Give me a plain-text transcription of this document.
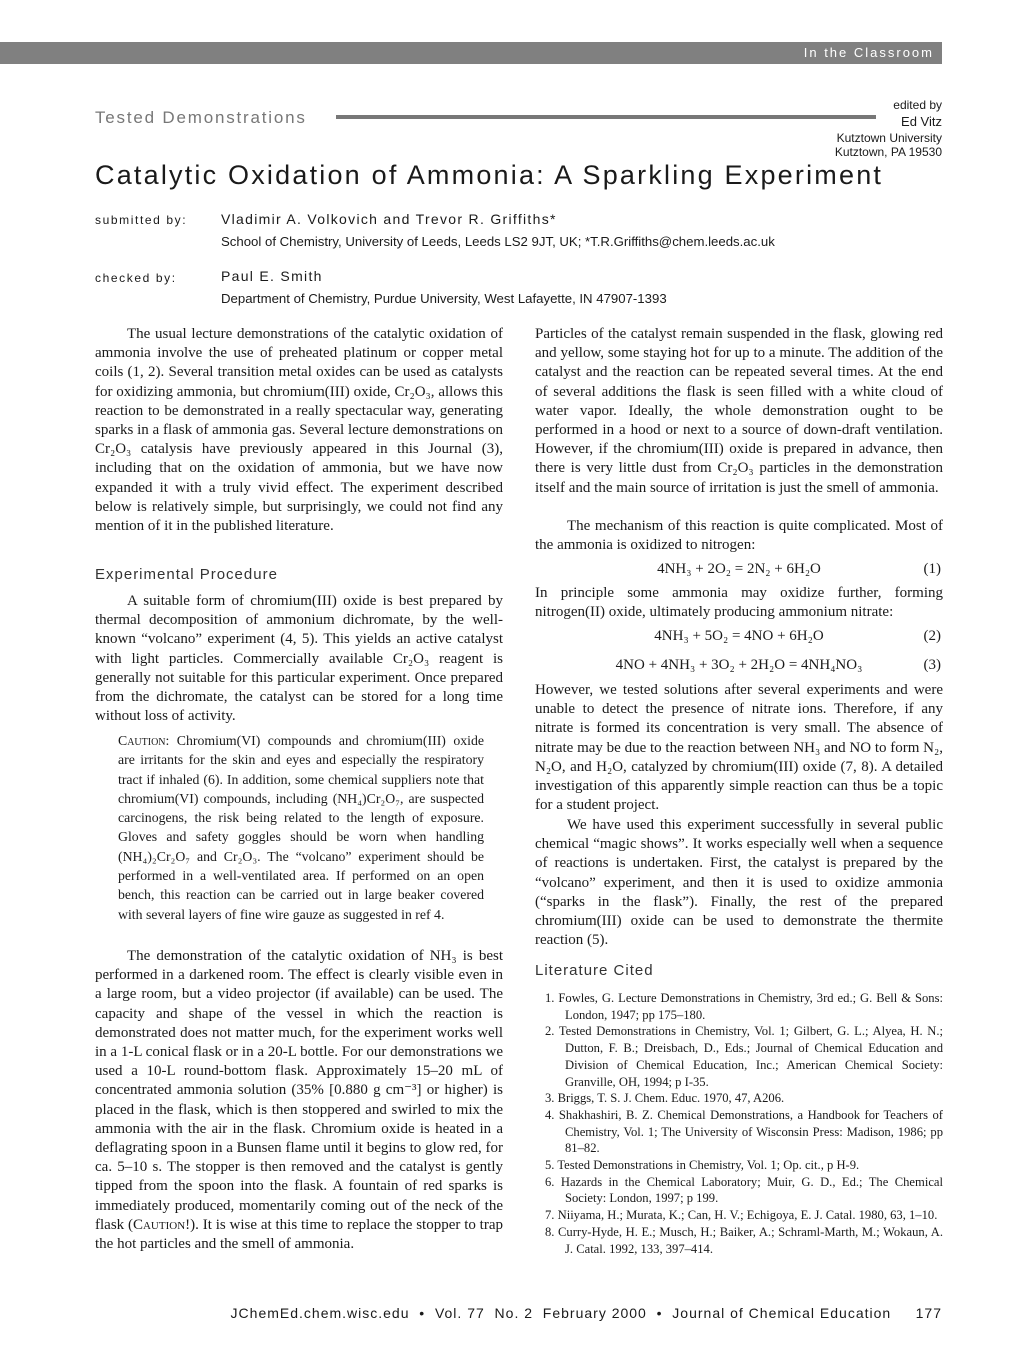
In the Classroom
Tested Demonstrations
edited by
Ed Vitz
Kutztown University
Kutztown, PA 19530
Catalytic Oxidation of Ammonia: A Sparkling Experiment
submitted by: Vladimir A. Volkovich and Trevor R. Griffiths*
School of Chemistry, University of Leeds, Leeds LS2 9JT, UK; *T.R.Griffiths@chem.leeds.ac.uk
checked by:	Paul E. Smith
Department of Chemistry, Purdue University, West Lafayette, IN 47907-1393

The usual lecture demonstrations of the catalytic oxidation of ammonia involve the use of preheated platinum or copper metal coils (1, 2). Several transition metal oxides can be used as catalysts for oxidizing ammonia, but chromium(III) oxide, Cr₂O₃, allows this reaction to be demonstrated in a really spectacular way, generating sparks in a flask of ammonia gas. Several lecture demonstrations on Cr₂O₃ catalysis have previously appeared in this Journal (3), including that on the oxidation of ammonia, but we have now expanded it with a truly vivid effect. The experiment described below is relatively simple, but surprisingly, we could not find any mention of it in the published literature.

Experimental Procedure

A suitable form of chromium(III) oxide is best prepared by thermal decomposition of ammonium dichromate, by the well-known “volcano” experiment (4, 5). This yields an active catalyst with light particles. Commercially available Cr₂O₃ reagent is generally not suitable for this particular experiment. Once prepared from the dichromate, the catalyst can be stored for a long time without loss of activity.

Caution: Chromium(VI) compounds and chromium(III) oxide are irritants for the skin and eyes and especially the respiratory tract if inhaled (6). In addition, some chemical suppliers note that chromium(VI) compounds, including (NH₄)Cr₂O₇, are suspected carcinogens, the risk being related to the length of exposure. Gloves and safety goggles should be worn when handling (NH₄)₂Cr₂O₇ and Cr₂O₃. The “volcano” experiment should be performed in a well-ventilated area. If performed on an open bench, this reaction can be carried out in large beaker covered with several layers of fine wire gauze as suggested in ref 4.

The demonstration of the catalytic oxidation of NH₃ is best performed in a darkened room. The effect is clearly visible even in a large room, but a video projector (if available) can be used. The capacity and shape of the vessel in which the reaction is demonstrated does not matter much, for the experiment works well in a 1-L conical flask or in a 20-L bottle. For our demonstrations we used a 10-L round-bottom flask. Approximately 15–20 mL of concentrated ammonia solution (35% [0.880 g cm⁻³] or higher) is placed in the flask, which is then stoppered and swirled to mix the ammonia with the air in the flask. Chromium oxide is heated in a deflagrating spoon in a Bunsen flame until it begins to glow red, for ca. 5–10 s. The stopper is then removed and the catalyst is gently tipped from the spoon into the flask. A fountain of red sparks is immediately produced, momentarily coming out of the neck of the flask (Caution!). It is wise at this time to replace the stopper to trap the hot particles and the smell of ammonia.

Particles of the catalyst remain suspended in the flask, glowing red and yellow, some staying hot for up to a minute. The addition of the catalyst and the reaction can be repeated several times. At the end of several additions the flask is seen filled with a white cloud of water vapor. Ideally, the whole demonstration ought to be performed in a hood or next to a source of down-draft ventilation. However, if the chromium(III) oxide is prepared in advance, then there is very little dust from Cr₂O₃ particles in the demonstration itself and the main source of irritation is just the smell of ammonia.

The mechanism of this reaction is quite complicated. Most of the ammonia is oxidized to nitrogen:

4NH₃ + 2O₂ = 2N₂ + 6H₂O	(1)

In principle some ammonia may oxidize further, forming nitrogen(II) oxide, ultimately producing ammonium nitrate:

4NH₃ + 5O₂ = 4NO + 6H₂O	(2)
4NO + 4NH₃ + 3O₂ + 2H₂O = 4NH₄NO₃	(3)

However, we tested solutions after several experiments and were unable to detect the presence of nitrate ions. Therefore, if any nitrate is formed its concentration is very small. The absence of nitrate may be due to the reaction between NH₃ and NO to form N₂, N₂O, and H₂O, catalyzed by chromium(III) oxide (7, 8). A detailed investigation of this apparently simple reaction can thus be a topic for a student project.

We have used this experiment successfully in several public chemical “magic shows”. It works especially well when a sequence of reactions is undertaken. First, the catalyst is prepared by the “volcano” experiment, and then it is used to oxidize ammonia (“sparks in the flask”). Finally, the rest of the prepared chromium(III) oxide can be used to demonstrate the thermite reaction (5).

Literature Cited
1. Fowles, G. Lecture Demonstrations in Chemistry, 3rd ed.; G. Bell & Sons: London, 1947; pp 175–180.
2. Tested Demonstrations in Chemistry, Vol. 1; Gilbert, G. L.; Alyea, H. N.; Dutton, F. B.; Dreisbach, D., Eds.; Journal of Chemical Education and Division of Chemical Education, Inc.; American Chemical Society: Granville, OH, 1994; p I-35.
3. Briggs, T. S. J. Chem. Educ. 1970, 47, A206.
4. Shakhashiri, B. Z. Chemical Demonstrations, a Handbook for Teachers of Chemistry, Vol. 1; The University of Wisconsin Press: Madison, 1986; pp 81–82.
5. Tested Demonstrations in Chemistry, Vol. 1; Op. cit., p H-9.
6. Hazards in the Chemical Laboratory; Muir, G. D., Ed.; The Chemical Society: London, 1997; p 199.
7. Niiyama, H.; Murata, K.; Can, H. V.; Echigoya, E. J. Catal. 1980, 63, 1–10.
8. Curry-Hyde, H. E.; Musch, H.; Baiker, A.; Schraml-Marth, M.; Wokaun, A. J. Catal. 1992, 133, 397–414.
JChemEd.chem.wisc.edu  •  Vol. 77  No. 2  February 2000  •  Journal of Chemical Education     177
